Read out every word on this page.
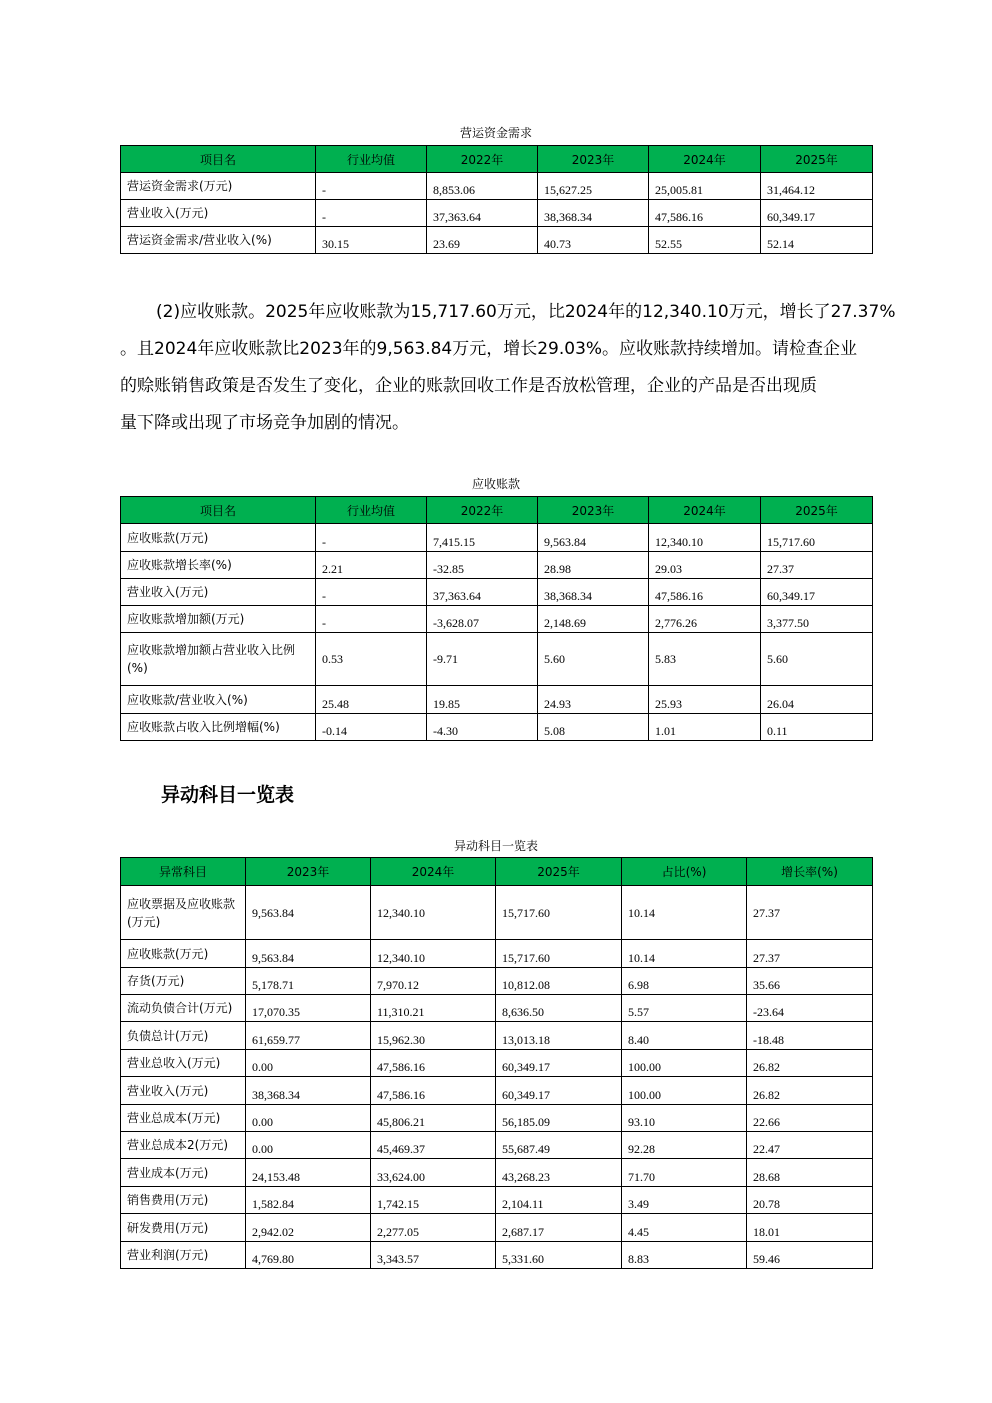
营运资金需求
项目名	行业均值	2022年	2023年	2024年	2025年
营运资金需求(万元)	-	8,853.06	15,627.25	25,005.81	31,464.12
营业收入(万元)	-	37,363.64	38,368.34	47,586.16	60,349.17
营运资金需求/营业收入(%)	30.15	23.69	40.73	52.55	52.14
(2)应收账款。2025年应收账款为15,717.60万元，比2024年的12,340.10万元，增长了27.37%
。且2024年应收账款比2023年的9,563.84万元，增长29.03%。应收账款持续增加。请检查企业
的赊账销售政策是否发生了变化，企业的账款回收工作是否放松管理，企业的产品是否出现质
量下降或出现了市场竞争加剧的情况。
应收账款
项目名	行业均值	2022年	2023年	2024年	2025年
应收账款(万元)	-	7,415.15	9,563.84	12,340.10	15,717.60
应收账款增长率(%)	2.21	-32.85	28.98	29.03	27.37
营业收入(万元)	-	37,363.64	38,368.34	47,586.16	60,349.17
应收账款增加额(万元)	-	-3,628.07	2,148.69	2,776.26	3,377.50
应收账款增加额占营业收入比例(%)	0.53	-9.71	5.60	5.83	5.60
应收账款/营业收入(%)	25.48	19.85	24.93	25.93	26.04
应收账款占收入比例增幅(%)	-0.14	-4.30	5.08	1.01	0.11
异动科目一览表
异动科目一览表
异常科目	2023年	2024年	2025年	占比(%)	增长率(%)
应收票据及应收账款(万元)	9,563.84	12,340.10	15,717.60	10.14	27.37
应收账款(万元)	9,563.84	12,340.10	15,717.60	10.14	27.37
存货(万元)	5,178.71	7,970.12	10,812.08	6.98	35.66
流动负债合计(万元)	17,070.35	11,310.21	8,636.50	5.57	-23.64
负债总计(万元)	61,659.77	15,962.30	13,013.18	8.40	-18.48
营业总收入(万元)	0.00	47,586.16	60,349.17	100.00	26.82
营业收入(万元)	38,368.34	47,586.16	60,349.17	100.00	26.82
营业总成本(万元)	0.00	45,806.21	56,185.09	93.10	22.66
营业总成本2(万元)	0.00	45,469.37	55,687.49	92.28	22.47
营业成本(万元)	24,153.48	33,624.00	43,268.23	71.70	28.68
销售费用(万元)	1,582.84	1,742.15	2,104.11	3.49	20.78
研发费用(万元)	2,942.02	2,277.05	2,687.17	4.45	18.01
营业利润(万元)	4,769.80	3,343.57	5,331.60	8.83	59.46
